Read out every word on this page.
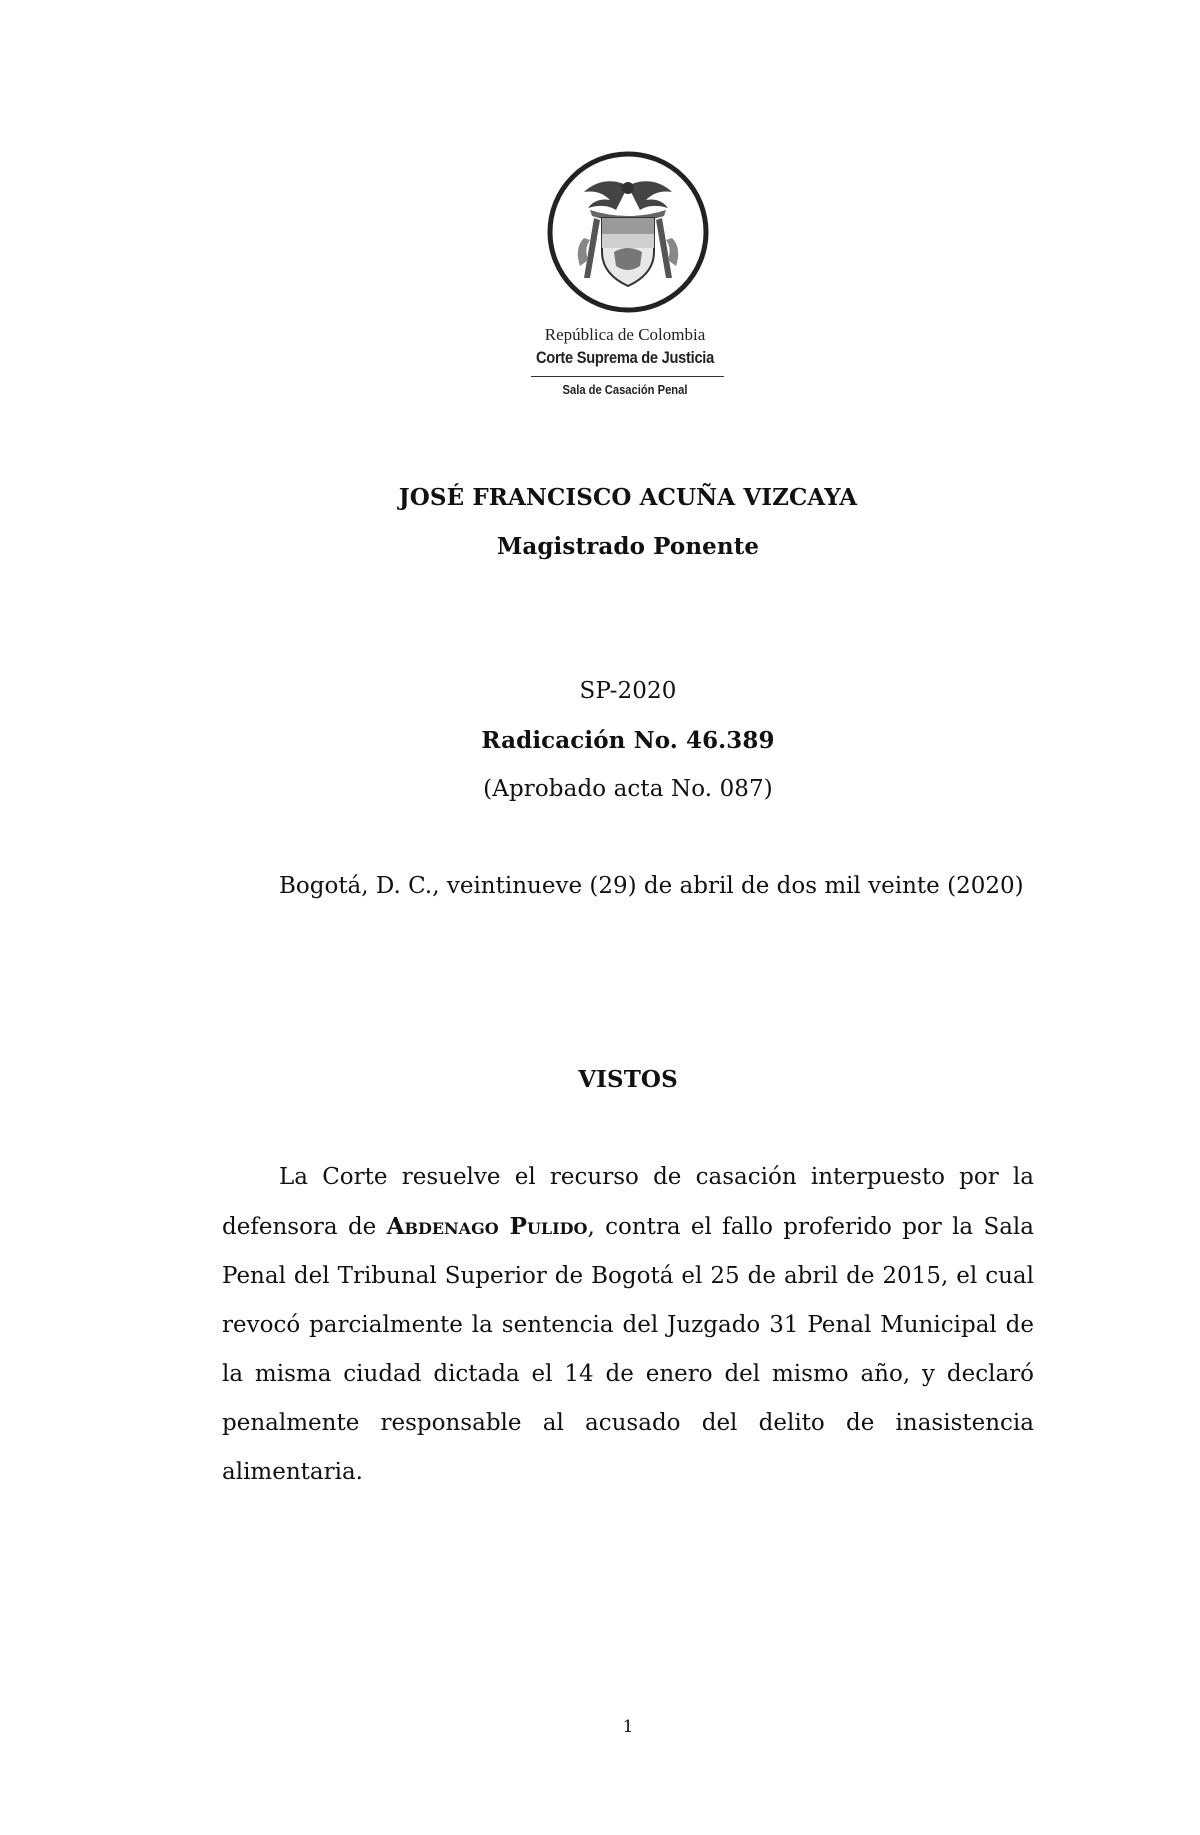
República de Colombia
Corte Suprema de Justicia
Sala de Casación Penal
JOSÉ FRANCISCO ACUÑA VIZCAYA
Magistrado Ponente
SP-2020
Radicación No. 46.389
(Aprobado acta No. 087)

Bogotá, D. C., veintinueve (29) de abril de dos mil veinte (2020)

VISTOS

La Corte resuelve el recurso de casación interpuesto por la defensora de Abdenago Pulido, contra el fallo proferido por la Sala Penal del Tribunal Superior de Bogotá el 25 de abril de 2015, el cual revocó parcialmente la sentencia del Juzgado 31 Penal Municipal de la misma ciudad dictada el 14 de enero del mismo año, y declaró penalmente responsable al acusado del delito de inasistencia alimentaria.

1
